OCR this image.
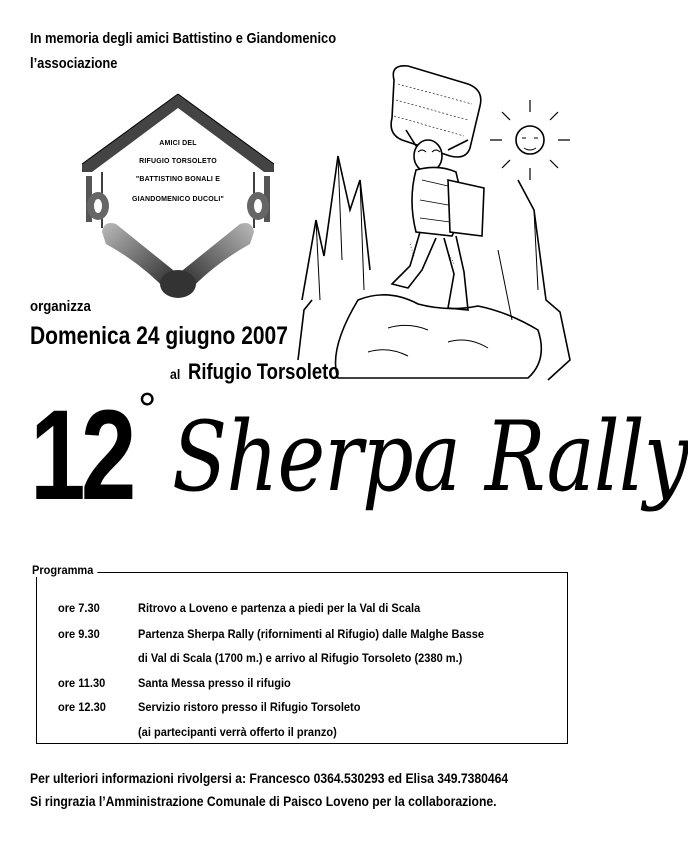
In memoria degli amici Battistino e Giandomenico
l’associazione
AMICI DEL
RIFUGIO TORSOLETO
"BATTISTINO BONALI E
GIANDOMENICO DUCOLI"
organizza
Domenica 24 giugno 2007
al Rifugio Torsoleto
12 ° Sherpa Rally
Programma
ore 7.30	Ritrovo a Loveno e partenza a piedi per la Val di Scala
ore 9.30	Partenza Sherpa Rally (rifornimenti al Rifugio) dalle Malghe Basse
di Val di Scala (1700 m.) e arrivo al Rifugio Torsoleto (2380 m.)
ore 11.30	Santa Messa presso il rifugio
ore 12.30	Servizio ristoro presso il Rifugio Torsoleto
(ai partecipanti verrà offerto il pranzo)
Per ulteriori informazioni rivolgersi a: Francesco 0364.530293 ed Elisa 349.7380464
Si ringrazia l’Amministrazione Comunale di Paisco Loveno per la collaborazione.
